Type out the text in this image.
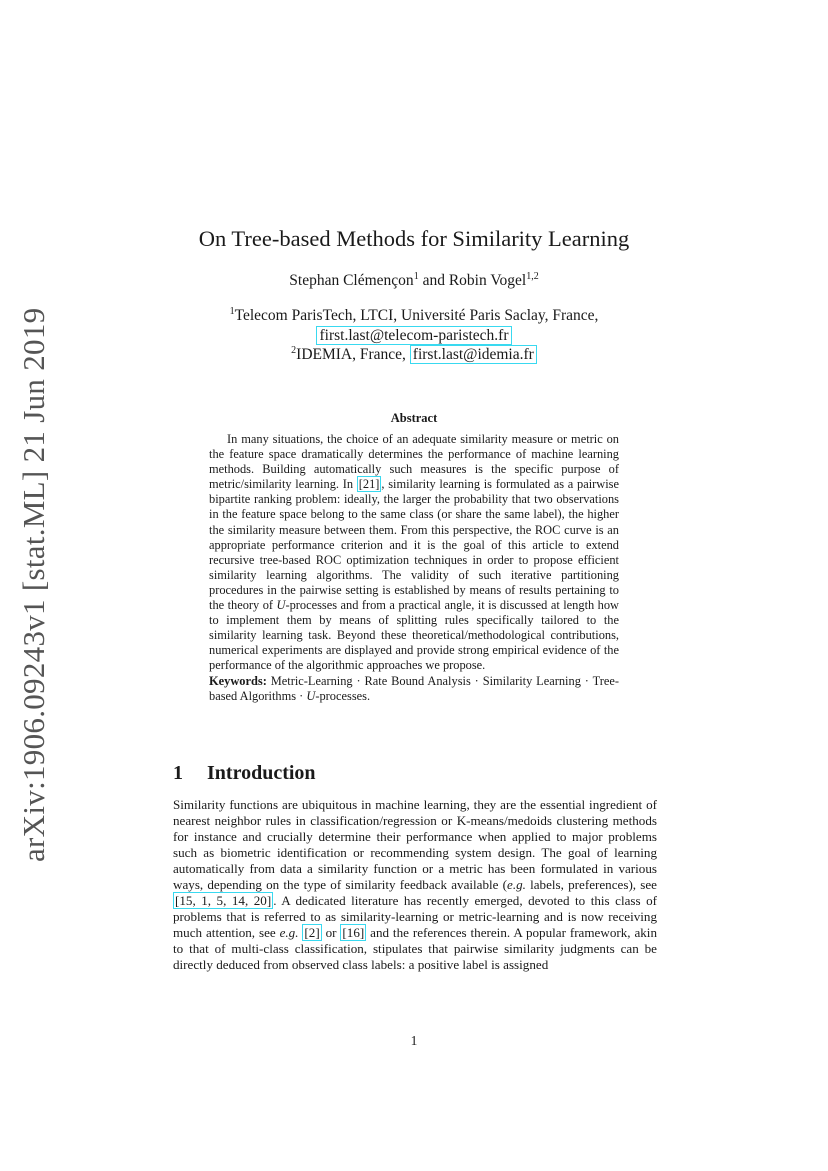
arXiv:1906.09243v1 [stat.ML] 21 Jun 2019
On Tree-based Methods for Similarity Learning
Stephan Clémençon$^1$ and Robin Vogel$^{1,2}$
$^1$Telecom ParisTech, LTCI, Université Paris Saclay, France,
first.last@telecom-paristech.fr
$^2$IDEMIA, France, first.last@idemia.fr
Abstract

In many situations, the choice of an adequate similarity measure or metric on the feature space dramatically determines the performance of machine learning methods. Building automatically such measures is the specific purpose of metric/similarity learning. In [21] , similarity learning is formulated as a pairwise bipartite ranking problem: ideally, the larger the probability that two observations in the feature space belong to the same class (or share the same label), the higher the similarity measure between them. From this perspective, the ROC curve is an appropriate performance criterion and it is the goal of this article to extend recursive tree-based ROC optimization techniques in order to propose efficient similarity learning algorithms. The validity of such iterative partitioning procedures in the pairwise setting is established by means of results pertaining to the theory of U-processes and from a practical angle, it is discussed at length how to implement them by means of splitting rules specifically tailored to the similarity learning task. Beyond these theoretical/methodological contributions, numerical experiments are displayed and provide strong empirical evidence of the performance of the algorithmic approaches we propose.

Keywords: Metric-Learning · Rate Bound Analysis · Similarity Learning · Tree-based Algorithms · U-processes.

1 Introduction

Similarity functions are ubiquitous in machine learning, they are the essential ingredient of nearest neighbor rules in classification/regression or K-means/medoids clustering methods for instance and crucially determine their performance when applied to major problems such as biometric identification or recommending system design. The goal of learning automatically from data a similarity function or a metric has been formulated in various ways, depending on the type of similarity feedback available (e.g. labels, preferences), see [15, 1, 5, 14, 20] . A dedicated literature has recently emerged, devoted to this class of problems that is referred to as similarity-learning or metric-learning and is now receiving much attention, see e.g. [2] or [16] and the references therein. A popular framework, akin to that of multi-class classification, stipulates that pairwise similarity judgments can be directly deduced from observed class labels: a positive label is assigned

1
